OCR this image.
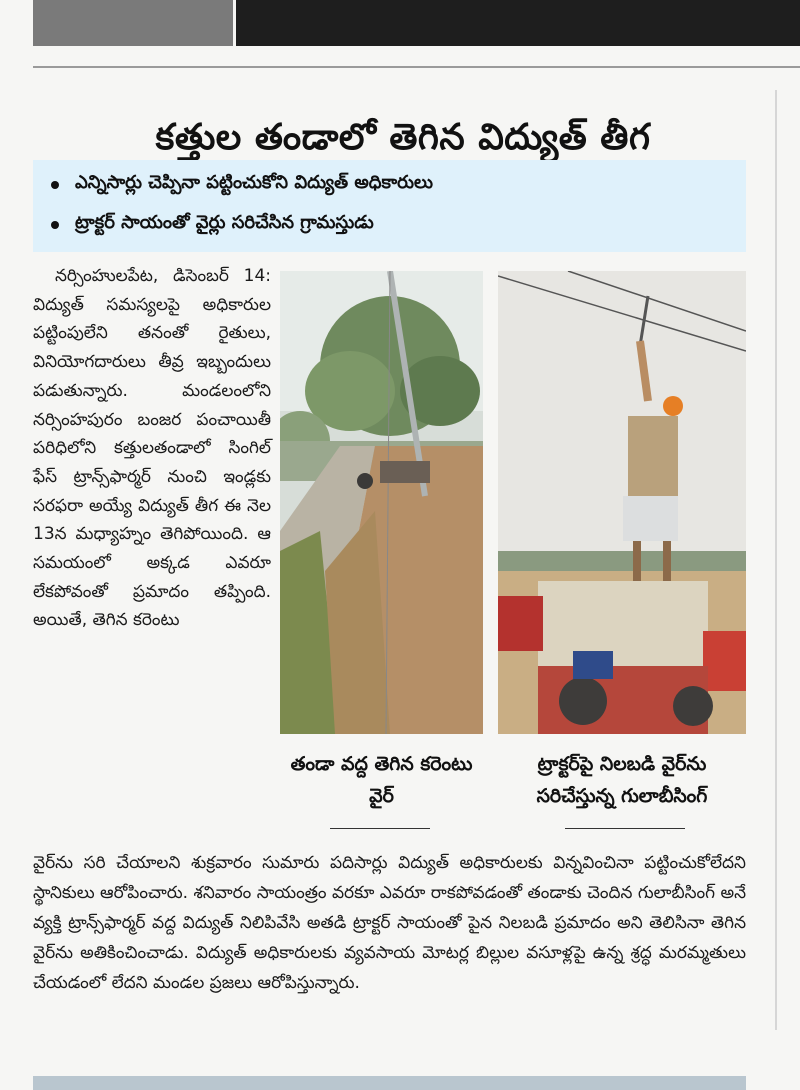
కత్తుల తండాలో తెగిన విద్యుత్‌ తీగ
ఎన్నిసార్లు చెప్పినా పట్టించుకోని విద్యుత్‌ అధికారులు
ట్రాక్టర్‌ సాయంతో వైర్లు సరిచేసిన గ్రామస్తుడు

నర్సింహులపేట, డిసెంబర్‌ 14: విద్యుత్‌ సమస్యలపై అధికారుల పట్టింపులేని తనంతో రైతులు, వినియోగదారులు తీవ్ర ఇబ్బందులు పడుతున్నారు. మండలంలోని నర్సింహపురం బంజర పంచాయితీ పరిధిలోని కత్తులతండాలో సింగిల్‌ ఫేస్‌ ట్రాన్స్‌ఫార్మర్‌ నుంచి ఇండ్లకు సరఫరా అయ్యే విద్యుత్‌ తీగ ఈ నెల 13న మధ్యాహ్నం తెగిపోయింది. ఆ సమయంలో అక్కడ ఎవరూ లేకపోవంతో ప్రమాదం తప్పింది. అయితే, తెగిన కరెంటు

తండా వద్ద తెగిన కరెంటు వైర్‌
ట్రాక్టర్‌పై నిలబడి వైర్‌ను సరిచేస్తున్న గులాబీసింగ్‌
వైర్‌ను సరి చేయాలని శుక్రవారం సుమారు పదిసార్లు విద్యుత్‌ అధికారులకు విన్నవించినా పట్టించుకోలేదని స్థానికులు ఆరోపించారు. శనివారం సాయంత్రం వరకూ ఎవరూ రాకపోవడంతో తండాకు చెందిన గులాబీసింగ్‌ అనే వ్యక్తి ట్రాన్స్‌ఫార్మర్‌ వద్ద విద్యుత్‌ నిలిపివేసి అతడి ట్రాక్టర్‌ సాయంతో పైన నిలబడి ప్రమాదం అని తెలిసినా తెగిన వైర్‌ను అతికించించాడు. విద్యుత్‌ అధికారులకు వ్యవసాయ మోటర్ల బిల్లుల వసూళ్లపై ఉన్న శ్రద్ధ మరమ్మతులు చేయడంలో లేదని మండల ప్రజలు ఆరోపిస్తున్నారు.
